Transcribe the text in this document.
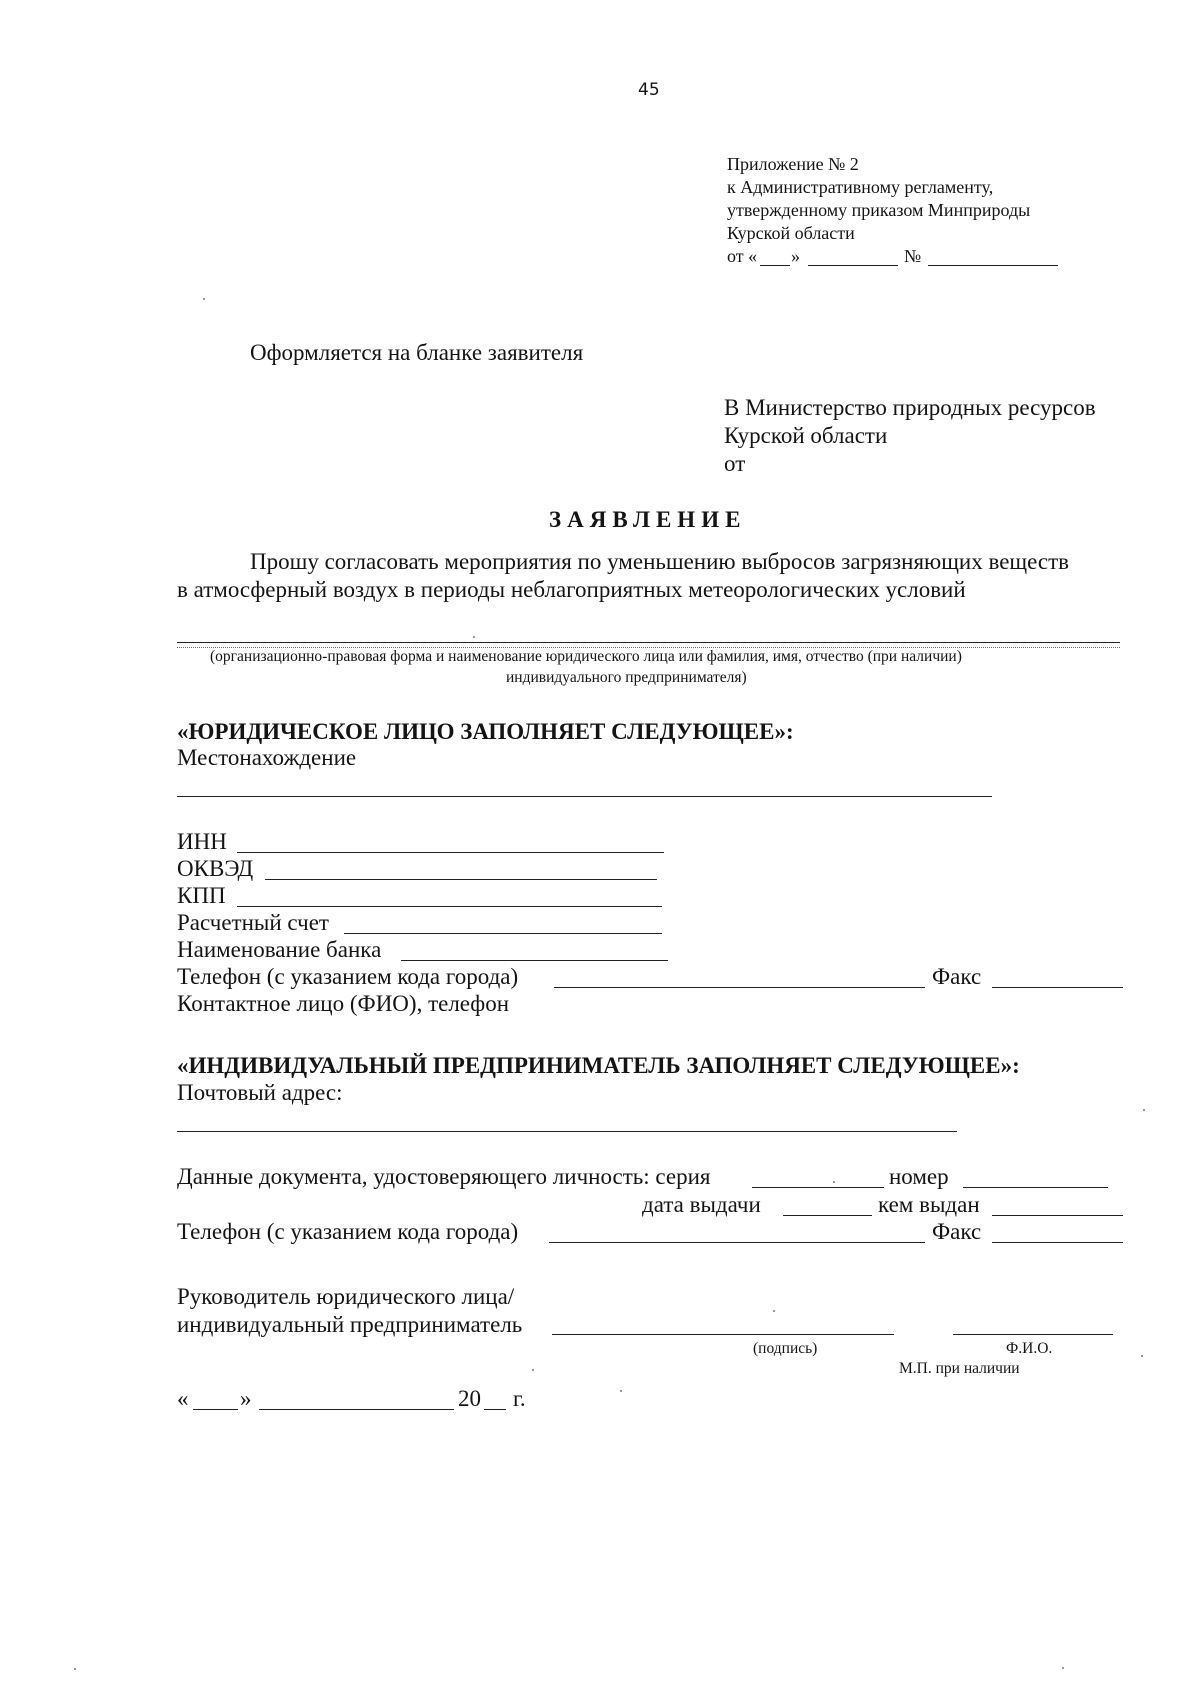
45
Приложение № 2
к Административному регламенту,
утвержденному приказом Минприроды
Курской области
от « »	№
Оформляется на бланке заявителя
В Министерство природных ресурсов
Курской области
от
ЗАЯВЛЕНИЕ
Прошу согласовать мероприятия по уменьшению выбросов загрязняющих веществ
в атмосферный воздух в периоды неблагоприятных метеорологических условий
(организационно-правовая форма и наименование юридического лица или фамилия, имя, отчество (при наличии)
индивидуального предпринимателя)
«ЮРИДИЧЕСКОЕ ЛИЦО ЗАПОЛНЯЕТ СЛЕДУЮЩЕЕ»:
Местонахождение
ИНН
ОКВЭД
КПП
Расчетный счет
Наименование банка
Телефон (с указанием кода города)	Факс
Контактное лицо (ФИО), телефон
«ИНДИВИДУАЛЬНЫЙ ПРЕДПРИНИМАТЕЛЬ ЗАПОЛНЯЕТ СЛЕДУЮЩЕЕ»:
Почтовый адрес:
Данные документа, удостоверяющего личность: серия	номер
дата выдачи	кем выдан
Телефон (с указанием кода города)	Факс
Руководитель юридического лица/
индивидуальный предприниматель
(подпись)	Ф.И.О.
М.П. при наличии
« »	20 г.
